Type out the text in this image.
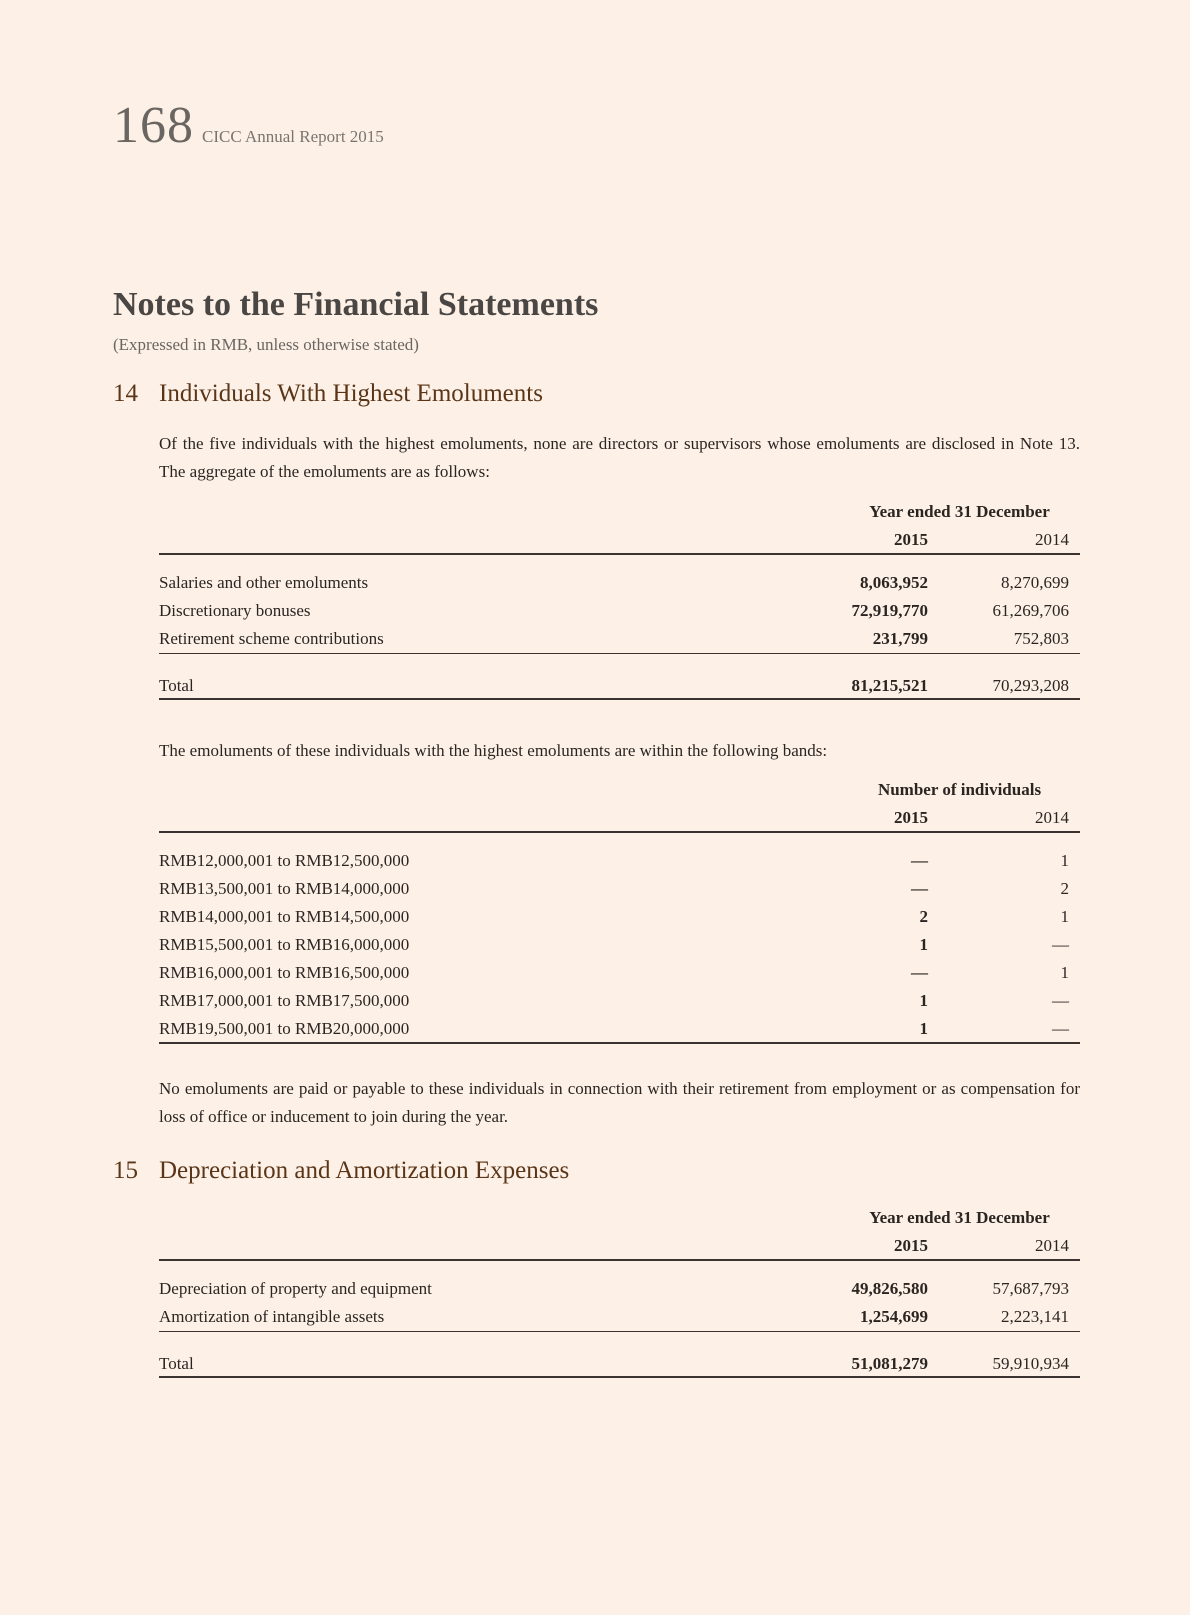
168 CICC Annual Report 2015
Notes to the Financial Statements
(Expressed in RMB, unless otherwise stated)
14 Individuals With Highest Emoluments

Of the five individuals with the highest emoluments, none are directors or supervisors whose emoluments are disclosed in Note 13. The aggregate of the emoluments are as follows:

Year ended 31 December
2015	2014
Salaries and other emoluments	8,063,952	8,270,699
Discretionary bonuses	72,919,770	61,269,706
Retirement scheme contributions	231,799	752,803
Total	81,215,521	70,293,208

The emoluments of these individuals with the highest emoluments are within the following bands:

Number of individuals
2015	2014
RMB12,000,001 to RMB12,500,000	—	1
RMB13,500,001 to RMB14,000,000	—	2
RMB14,000,001 to RMB14,500,000	2	1
RMB15,500,001 to RMB16,000,000	1	—
RMB16,000,001 to RMB16,500,000	—	1
RMB17,000,001 to RMB17,500,000	1	—
RMB19,500,001 to RMB20,000,000	1	—

No emoluments are paid or payable to these individuals in connection with their retirement from employment or as compensation for loss of office or inducement to join during the year.

15 Depreciation and Amortization Expenses
Year ended 31 December
2015	2014
Depreciation of property and equipment	49,826,580	57,687,793
Amortization of intangible assets	1,254,699	2,223,141
Total	51,081,279	59,910,934
